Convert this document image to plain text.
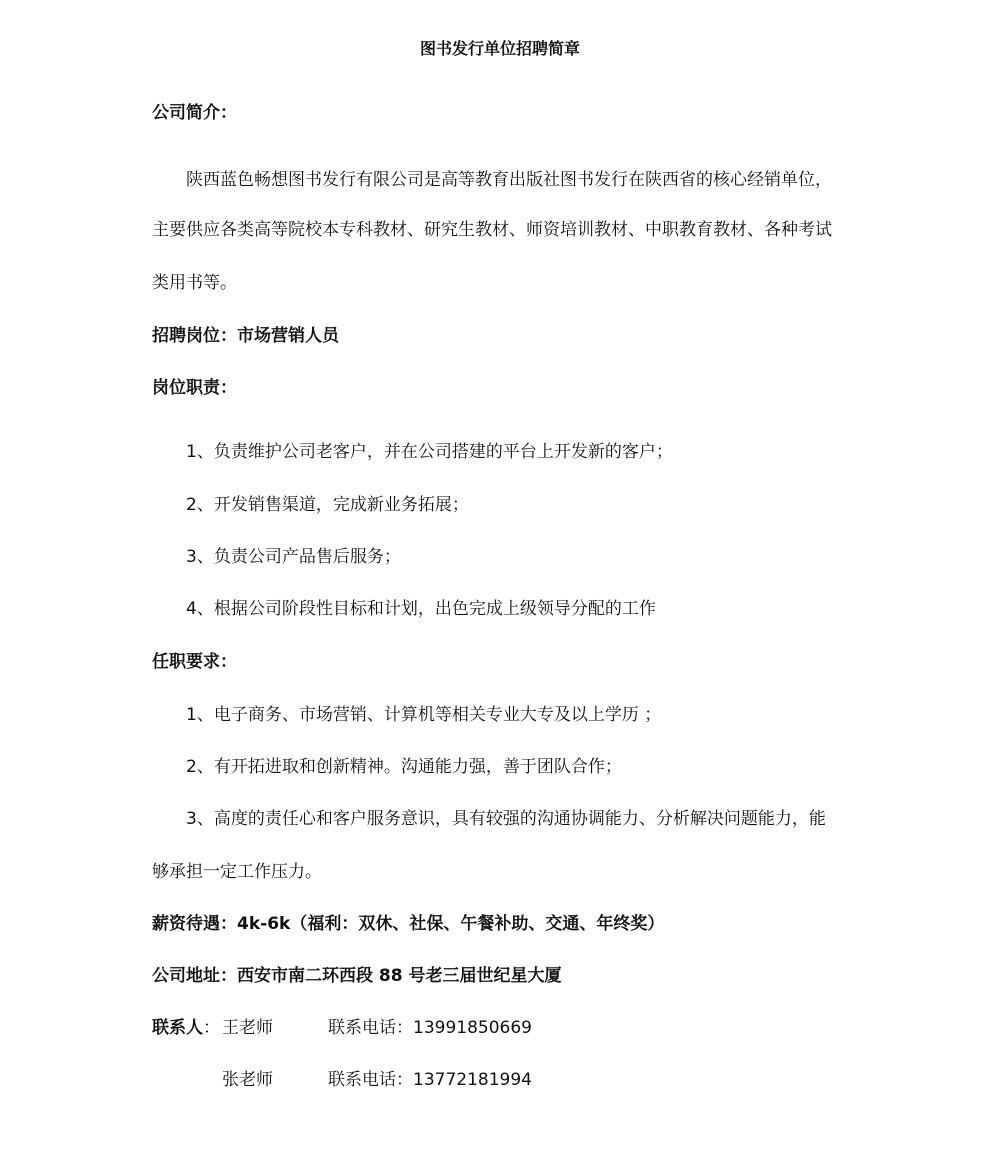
图书发行单位招聘简章
公司简介：
陕西蓝色畅想图书发行有限公司是高等教育出版社图书发行在陕西省的核心经销单位，
主要供应各类高等院校本专科教材、研究生教材、师资培训教材、中职教育教材、各种考试
类用书等。
招聘岗位：市场营销人员
岗位职责：
1、负责维护公司老客户，并在公司搭建的平台上开发新的客户；
2、开发销售渠道，完成新业务拓展；
3、负责公司产品售后服务；
4、根据公司阶段性目标和计划，出色完成上级领导分配的工作
任职要求：
1、电子商务、市场营销、计算机等相关专业大专及以上学历 ；
2、有开拓进取和创新精神。沟通能力强，善于团队合作；
3、高度的责任心和客户服务意识，具有较强的沟通协调能力、分析解决问题能力，能
够承担一定工作压力。
薪资待遇：4k-6k（福利：双休、社保、午餐补助、交通、年终奖）
公司地址：西安市南二环西段 88 号老三届世纪星大厦
联系人： 王老师	联系电话：13991850669
张老师	联系电话：13772181994
